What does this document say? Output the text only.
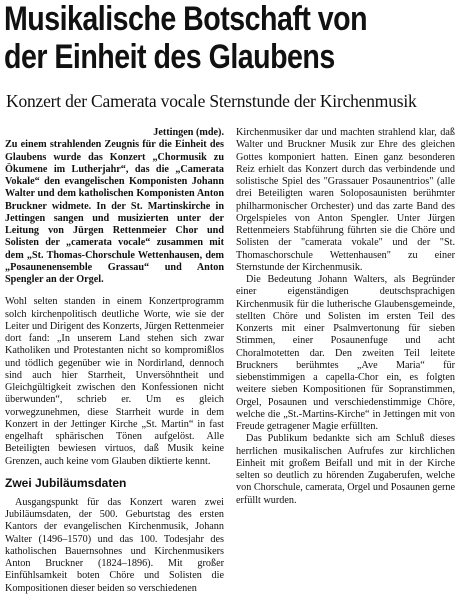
Musikalische Botschaft von
der Einheit des Glaubens
Konzert der Camerata vocale Sternstunde der Kirchenmusik

Jettingen (mde).
Zu einem strahlenden Zeugnis für die Einheit des Glaubens wurde das Konzert „Chormusik zu Ökumene im Lutherjahr“, das die „Camerata Vokale“ den evangelischen Komponisten Johann Walter und dem katholischen Komponisten Anton Bruckner widmete. In der St. Martinskirche in Jettingen sangen und musizierten unter der Leitung von Jürgen Rettenmeier Chor und Solisten der „camerata vocale“ zusammen mit dem „St. Thomas-Chorschule Wettenhausen, dem „Posaunenensemble Grassau“ und Anton Spengler an der Orgel.

Wohl selten standen in einem Konzertprogramm solch kirchenpolitisch deutliche Worte, wie sie der Leiter und Dirigent des Konzerts, Jürgen Rettenmeier dort fand: „In unserem Land stehen sich zwar Katholiken und Protestanten nicht so kompromißlos und tödlich gegenüber wie in Nordirland, dennoch sind auch hier Starrheit, Unversöhntheit und Gleichgültigkeit zwischen den Konfessionen nicht überwunden“, schrieb er. Um es gleich vorwegzunehmen, diese Starrheit wurde in dem Konzert in der Jettinger Kirche „St. Martin“ in fast engelhaft sphärischen Tönen aufgelöst. Alle Beteiligten bewiesen virtuos, daß Musik keine Grenzen, auch keine vom Glauben diktierte kennt.

Zwei Jubiläumsdaten

Ausgangspunkt für das Konzert waren zwei Jubiläumsdaten, der 500. Geburtstag des ersten Kantors der evangelischen Kirchenmusik, Johann Walter (1496–1570) und das 100. Todesjahr des katholischen Bauernsohnes und Kirchenmusikers Anton Bruckner (1824–1896). Mit großer Einfühlsamkeit boten Chöre und Solisten die Kompositionen dieser beiden so verschiedenen

Kirchenmusiker dar und machten strahlend klar, daß Walter und Bruckner Musik zur Ehre des gleichen Gottes komponiert hatten. Einen ganz besonderen Reiz erhielt das Konzert durch das verbindende und solistische Spiel des "Grassauer Posaunentrios" (alle drei Beteiligten waren Soloposaunisten berühmter philharmonischer Orchester) und das zarte Band des Orgelspieles von Anton Spengler. Unter Jürgen Rettenmeiers Stabführung führten sie die Chöre und Solisten der "camerata vokale" und der "St. Thomaschorschule Wettenhausen" zu einer Sternstunde der Kirchenmusik.

Die Bedeutung Johann Walters, als Begründer einer eigenständigen deutschsprachigen Kirchenmusik für die lutherische Glaubensgemeinde, stellten Chöre und Solisten im ersten Teil des Konzerts mit einer Psalmvertonung für sieben Stimmen, einer Posaunenfuge und acht Choralmotetten dar. Den zweiten Teil leitete Bruckners berühmtes „Ave Maria“ für siebenstimmigen a capella-Chor ein, es folgten weitere sieben Kompositionen für Sopranstimmen, Orgel, Posaunen und verschiedenstimmige Chöre, welche die „St.-Martins-Kirche“ in Jettingen mit von Freude getragener Magie erfüllten.

Das Publikum bedankte sich am Schluß dieses herrlichen musikalischen Aufrufes zur kirchlichen Einheit mit großem Beifall und mit in der Kirche selten so deutlich zu hörenden Zugaberufen, welche von Chorschule, camerata, Orgel und Posaunen gerne erfüllt wurden.
